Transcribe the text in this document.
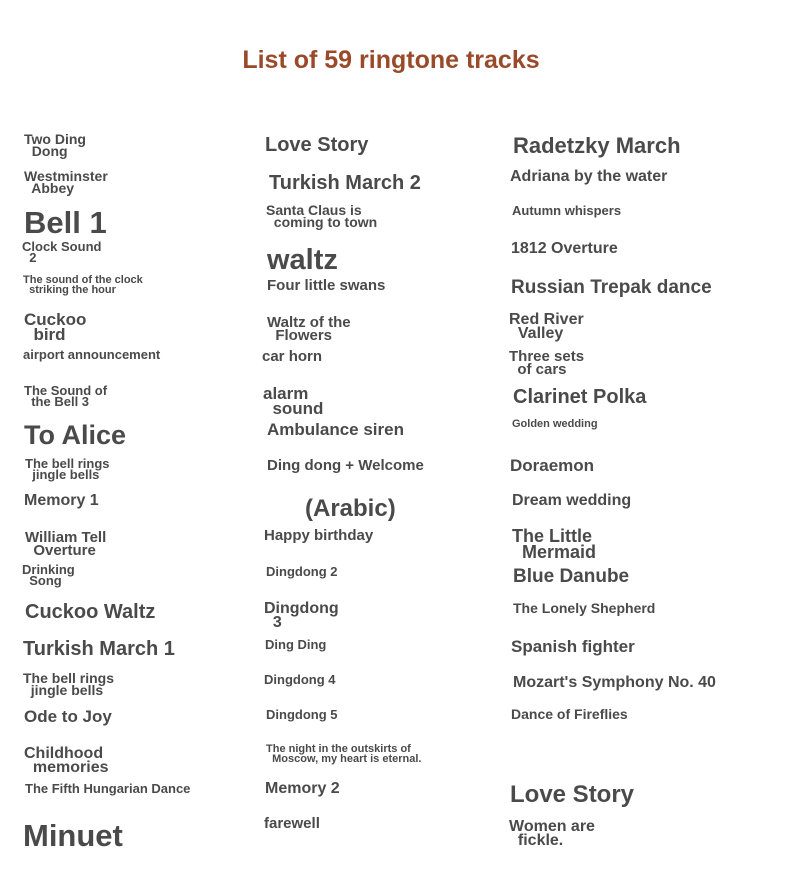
List of 59 ringtone tracks
Two Ding
Dong
Westminster
Abbey
Bell 1
Clock Sound
2
The sound of the clock
striking the hour
Cuckoo
bird
airport announcement
The Sound of
the Bell 3
To Alice
The bell rings
jingle bells
Memory 1
William Tell
Overture
Drinking
Song
Cuckoo Waltz
Turkish March 1
The bell rings
jingle bells
Ode to Joy
Childhood
memories
The Fifth Hungarian Dance
Minuet
Love Story
Turkish March 2
Santa Claus is
coming to town
waltz
Four little swans
Waltz of the
Flowers
car horn
alarm
sound
Ambulance siren
Ding dong + Welcome
(Arabic)
Happy birthday
Dingdong 2
Dingdong
3
Ding Ding
Dingdong 4
Dingdong 5
The night in the outskirts of
Moscow, my heart is eternal.
Memory 2
farewell
Radetzky March
Adriana by the water
Autumn whispers
1812 Overture
Russian Trepak dance
Red River
Valley
Three sets
of cars
Clarinet Polka
Golden wedding
Doraemon
Dream wedding
The Little
Mermaid
Blue Danube
The Lonely Shepherd
Spanish fighter
Mozart's Symphony No. 40
Dance of Fireflies
Love Story
Women are
fickle.
